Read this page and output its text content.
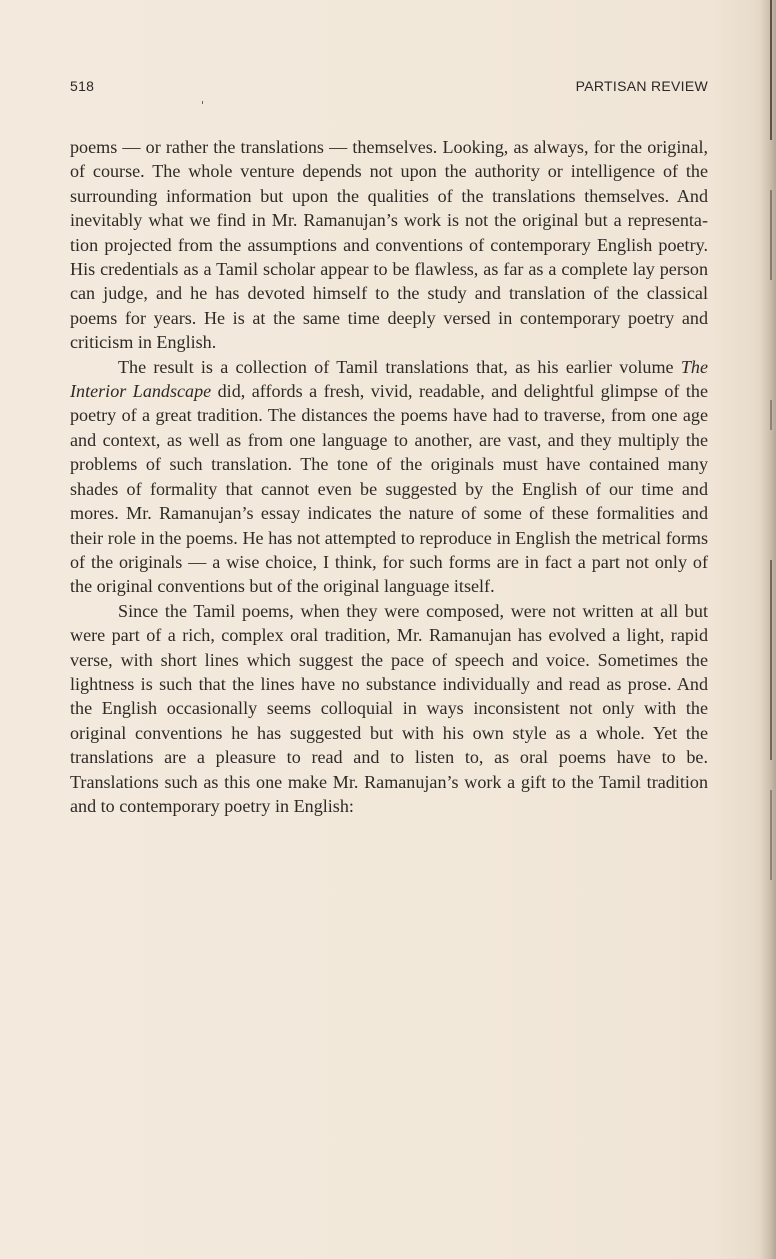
518	PARTISAN REVIEW

poems — or rather the translations — themselves. Looking, as always, for the original, of course. The whole venture depends not upon the authority or intelligence of the surrounding information but upon the qualities of the translations themselves. And inevitably what we find in Mr. Ramanujan’s work is not the original but a representation projected from the assumptions and conventions of contemporary English poetry. His credentials as a Tamil scholar appear to be flawless, as far as a complete lay person can judge, and he has devoted himself to the study and translation of the classical poems for years. He is at the same time deeply versed in contemporary poetry and criticism in English.

The result is a collection of Tamil translations that, as his earlier volume The Interior Landscape did, affords a fresh, vivid, readable, and delightful glimpse of the poetry of a great tradition. The distances the poems have had to traverse, from one age and context, as well as from one language to another, are vast, and they multiply the problems of such translation. The tone of the originals must have contained many shades of formality that cannot even be suggested by the English of our time and mores. Mr. Ramanujan’s essay indicates the nature of some of these formalities and their role in the poems. He has not attempted to reproduce in English the metrical forms of the originals — a wise choice, I think, for such forms are in fact a part not only of the original conventions but of the original language itself.

Since the Tamil poems, when they were composed, were not written at all but were part of a rich, complex oral tradition, Mr. Ramanujan has evolved a light, rapid verse, with short lines which suggest the pace of speech and voice. Sometimes the lightness is such that the lines have no substance individually and read as prose. And the English occasionally seems colloquial in ways inconsistent not only with the original conventions he has suggested but with his own style as a whole. Yet the translations are a pleasure to read and to listen to, as oral poems have to be. Translations such as this one make Mr. Ramanujan’s work a gift to the Tamil tradition and to contemporary poetry in English:
